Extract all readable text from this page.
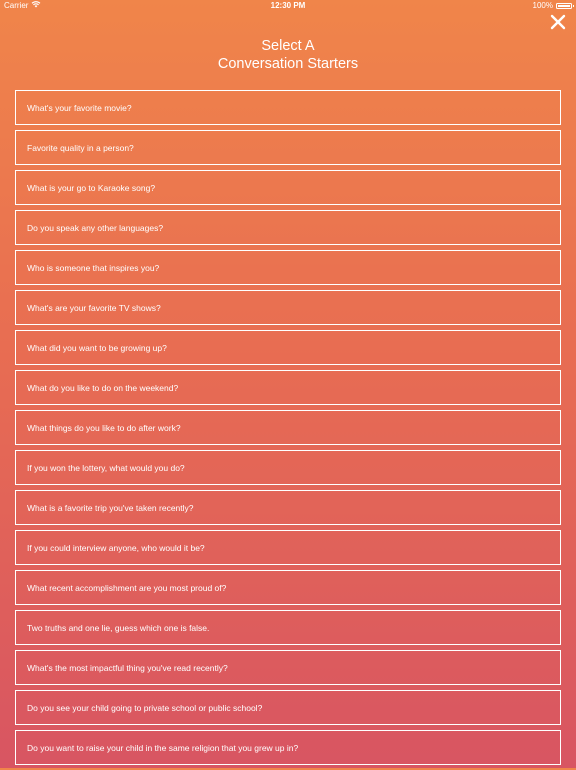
Carrier	12:30 PM	100%
Select A
Conversation Starters
What's your favorite movie?
Favorite quality in a person?
What is your go to Karaoke song?
Do you speak any other languages?
Who is someone that inspires you?
What's are your favorite TV shows?
What did you want to be growing up?
What do you like to do on the weekend?
What things do you like to do after work?
If you won the lottery, what would you do?
What is a favorite trip you've taken recently?
If you could interview anyone, who would it be?
What recent accomplishment are you most proud of?
Two truths and one lie, guess which one is false.
What's the most impactful thing you've read recently?
Do you see your child going to private school or public school?
Do you want to raise your child in the same religion that you grew up in?
